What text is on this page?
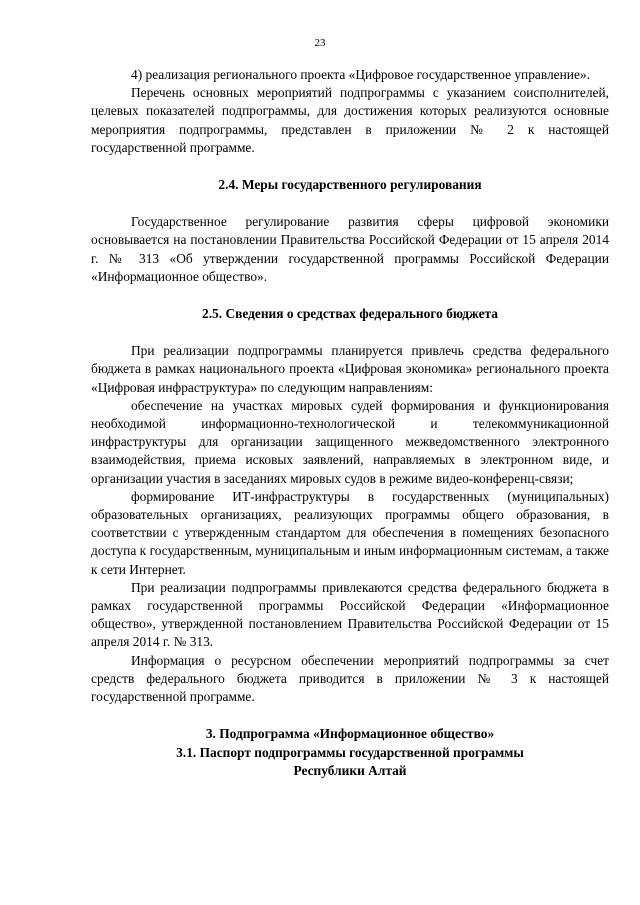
23

4) реализация регионального проекта «Цифровое государственное управление».

Перечень основных мероприятий подпрограммы с указанием соисполнителей, целевых показателей подпрограммы, для достижения которых реализуются основные мероприятия подпрограммы, представлен в приложении № 2 к настоящей государственной программе.

2.4. Меры государственного регулирования

Государственное регулирование развития сферы цифровой экономики основывается на постановлении Правительства Российской Федерации от 15 апреля 2014 г. № 313 «Об утверждении государственной программы Российской Федерации «Информационное общество».

2.5. Сведения о средствах федерального бюджета

При реализации подпрограммы планируется привлечь средства федерального бюджета в рамках национального проекта «Цифровая экономика» регионального проекта «Цифровая инфраструктура» по следующим направлениям:

обеспечение на участках мировых судей формирования и функционирования необходимой информационно-технологической и телекоммуникационной инфраструктуры для организации защищенного межведомственного электронного взаимодействия, приема исковых заявлений, направляемых в электронном виде, и организации участия в заседаниях мировых судов в режиме видео-конференц-связи;

формирование ИТ-инфраструктуры в государственных (муниципальных) образовательных организациях, реализующих программы общего образования, в соответствии с утвержденным стандартом для обеспечения в помещениях безопасного доступа к государственным, муниципальным и иным информационным системам, а также к сети Интернет.

При реализации подпрограммы привлекаются средства федерального бюджета в рамках государственной программы Российской Федерации «Информационное общество», утвержденной постановлением Правительства Российской Федерации от 15 апреля 2014 г. № 313.

Информация о ресурсном обеспечении мероприятий подпрограммы за счет средств федерального бюджета приводится в приложении № 3 к настоящей государственной программе.

3. Подпрограмма «Информационное общество»

3.1. Паспорт подпрограммы государственной программы

Республики Алтай
